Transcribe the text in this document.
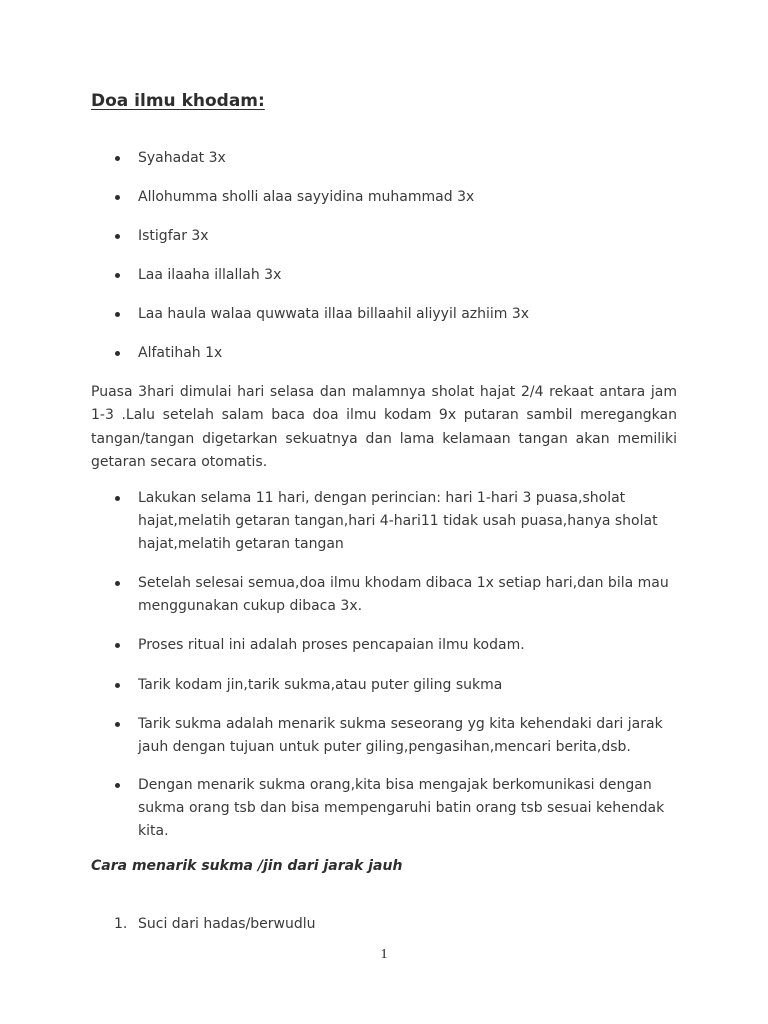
Doa ilmu khodam:
Syahadat 3x
Allohumma sholli alaa sayyidina muhammad 3x
Istigfar 3x
Laa ilaaha illallah 3x
Laa haula walaa quwwata illaa billaahil aliyyil azhiim 3x
Alfatihah 1x

Puasa 3hari dimulai hari selasa dan malamnya sholat hajat 2/4 rekaat antara jam 1-3 .Lalu setelah salam baca doa ilmu kodam 9x putaran sambil meregangkan tangan/tangan digetarkan sekuatnya dan lama kelamaan tangan akan memiliki getaran secara otomatis.

Lakukan selama 11 hari, dengan perincian: hari 1-hari 3 puasa,sholat hajat,melatih getaran tangan,hari 4-hari11 tidak usah puasa,hanya sholat hajat,melatih getaran tangan
Setelah selesai semua,doa ilmu khodam dibaca 1x setiap hari,dan bila mau menggunakan cukup dibaca 3x.
Proses ritual ini adalah proses pencapaian ilmu kodam.
Tarik kodam jin,tarik sukma,atau puter giling sukma
Tarik sukma adalah menarik sukma seseorang yg kita kehendaki dari jarak jauh dengan tujuan untuk puter giling,pengasihan,mencari berita,dsb.
Dengan menarik sukma orang,kita bisa mengajak berkomunikasi dengan sukma orang tsb dan bisa mempengaruhi batin orang tsb sesuai kehendak kita.
Cara menarik sukma /jin dari jarak jauh
1. Suci dari hadas/berwudlu
1
